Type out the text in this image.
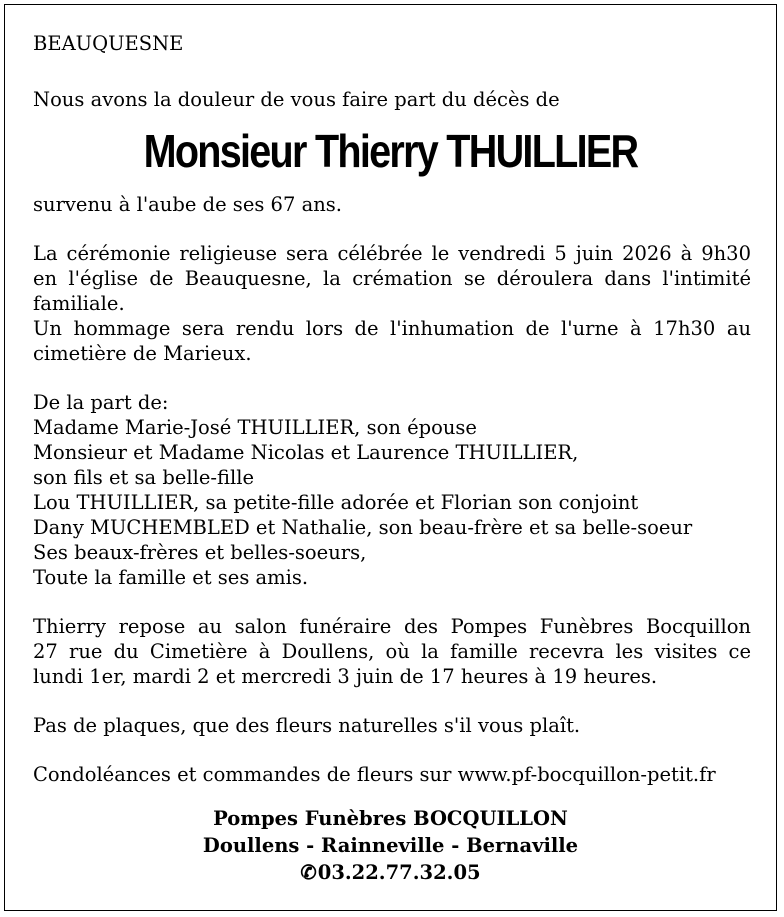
BEAUQUESNE

Nous avons la douleur de vous faire part du décès de

Monsieur Thierry THUILLIER

survenu à l'aube de ses 67 ans.

La cérémonie religieuse sera célébrée le vendredi 5 juin 2026 à 9h30

en l'église de Beauquesne, la crémation se déroulera dans l'intimité

familiale.

Un hommage sera rendu lors de l'inhumation de l'urne à 17h30 au

cimetière de Marieux.

De la part de:

Madame Marie-José THUILLIER, son épouse

Monsieur et Madame Nicolas et Laurence THUILLIER,

son fils et sa belle-fille

Lou THUILLIER, sa petite-fille adorée et Florian son conjoint

Dany MUCHEMBLED et Nathalie, son beau-frère et sa belle-soeur

Ses beaux-frères et belles-soeurs,

Toute la famille et ses amis.

Thierry repose au salon funéraire des Pompes Funèbres Bocquillon

27 rue du Cimetière à Doullens, où la famille recevra les visites ce

lundi 1er, mardi 2 et mercredi 3 juin de 17 heures à 19 heures.

Pas de plaques, que des fleurs naturelles s'il vous plaît.

Condoléances et commandes de fleurs sur www.pf-bocquillon-petit.fr

Pompes Funèbres BOCQUILLON
Doullens - Rainneville - Bernaville
✆03.22.77.32.05
